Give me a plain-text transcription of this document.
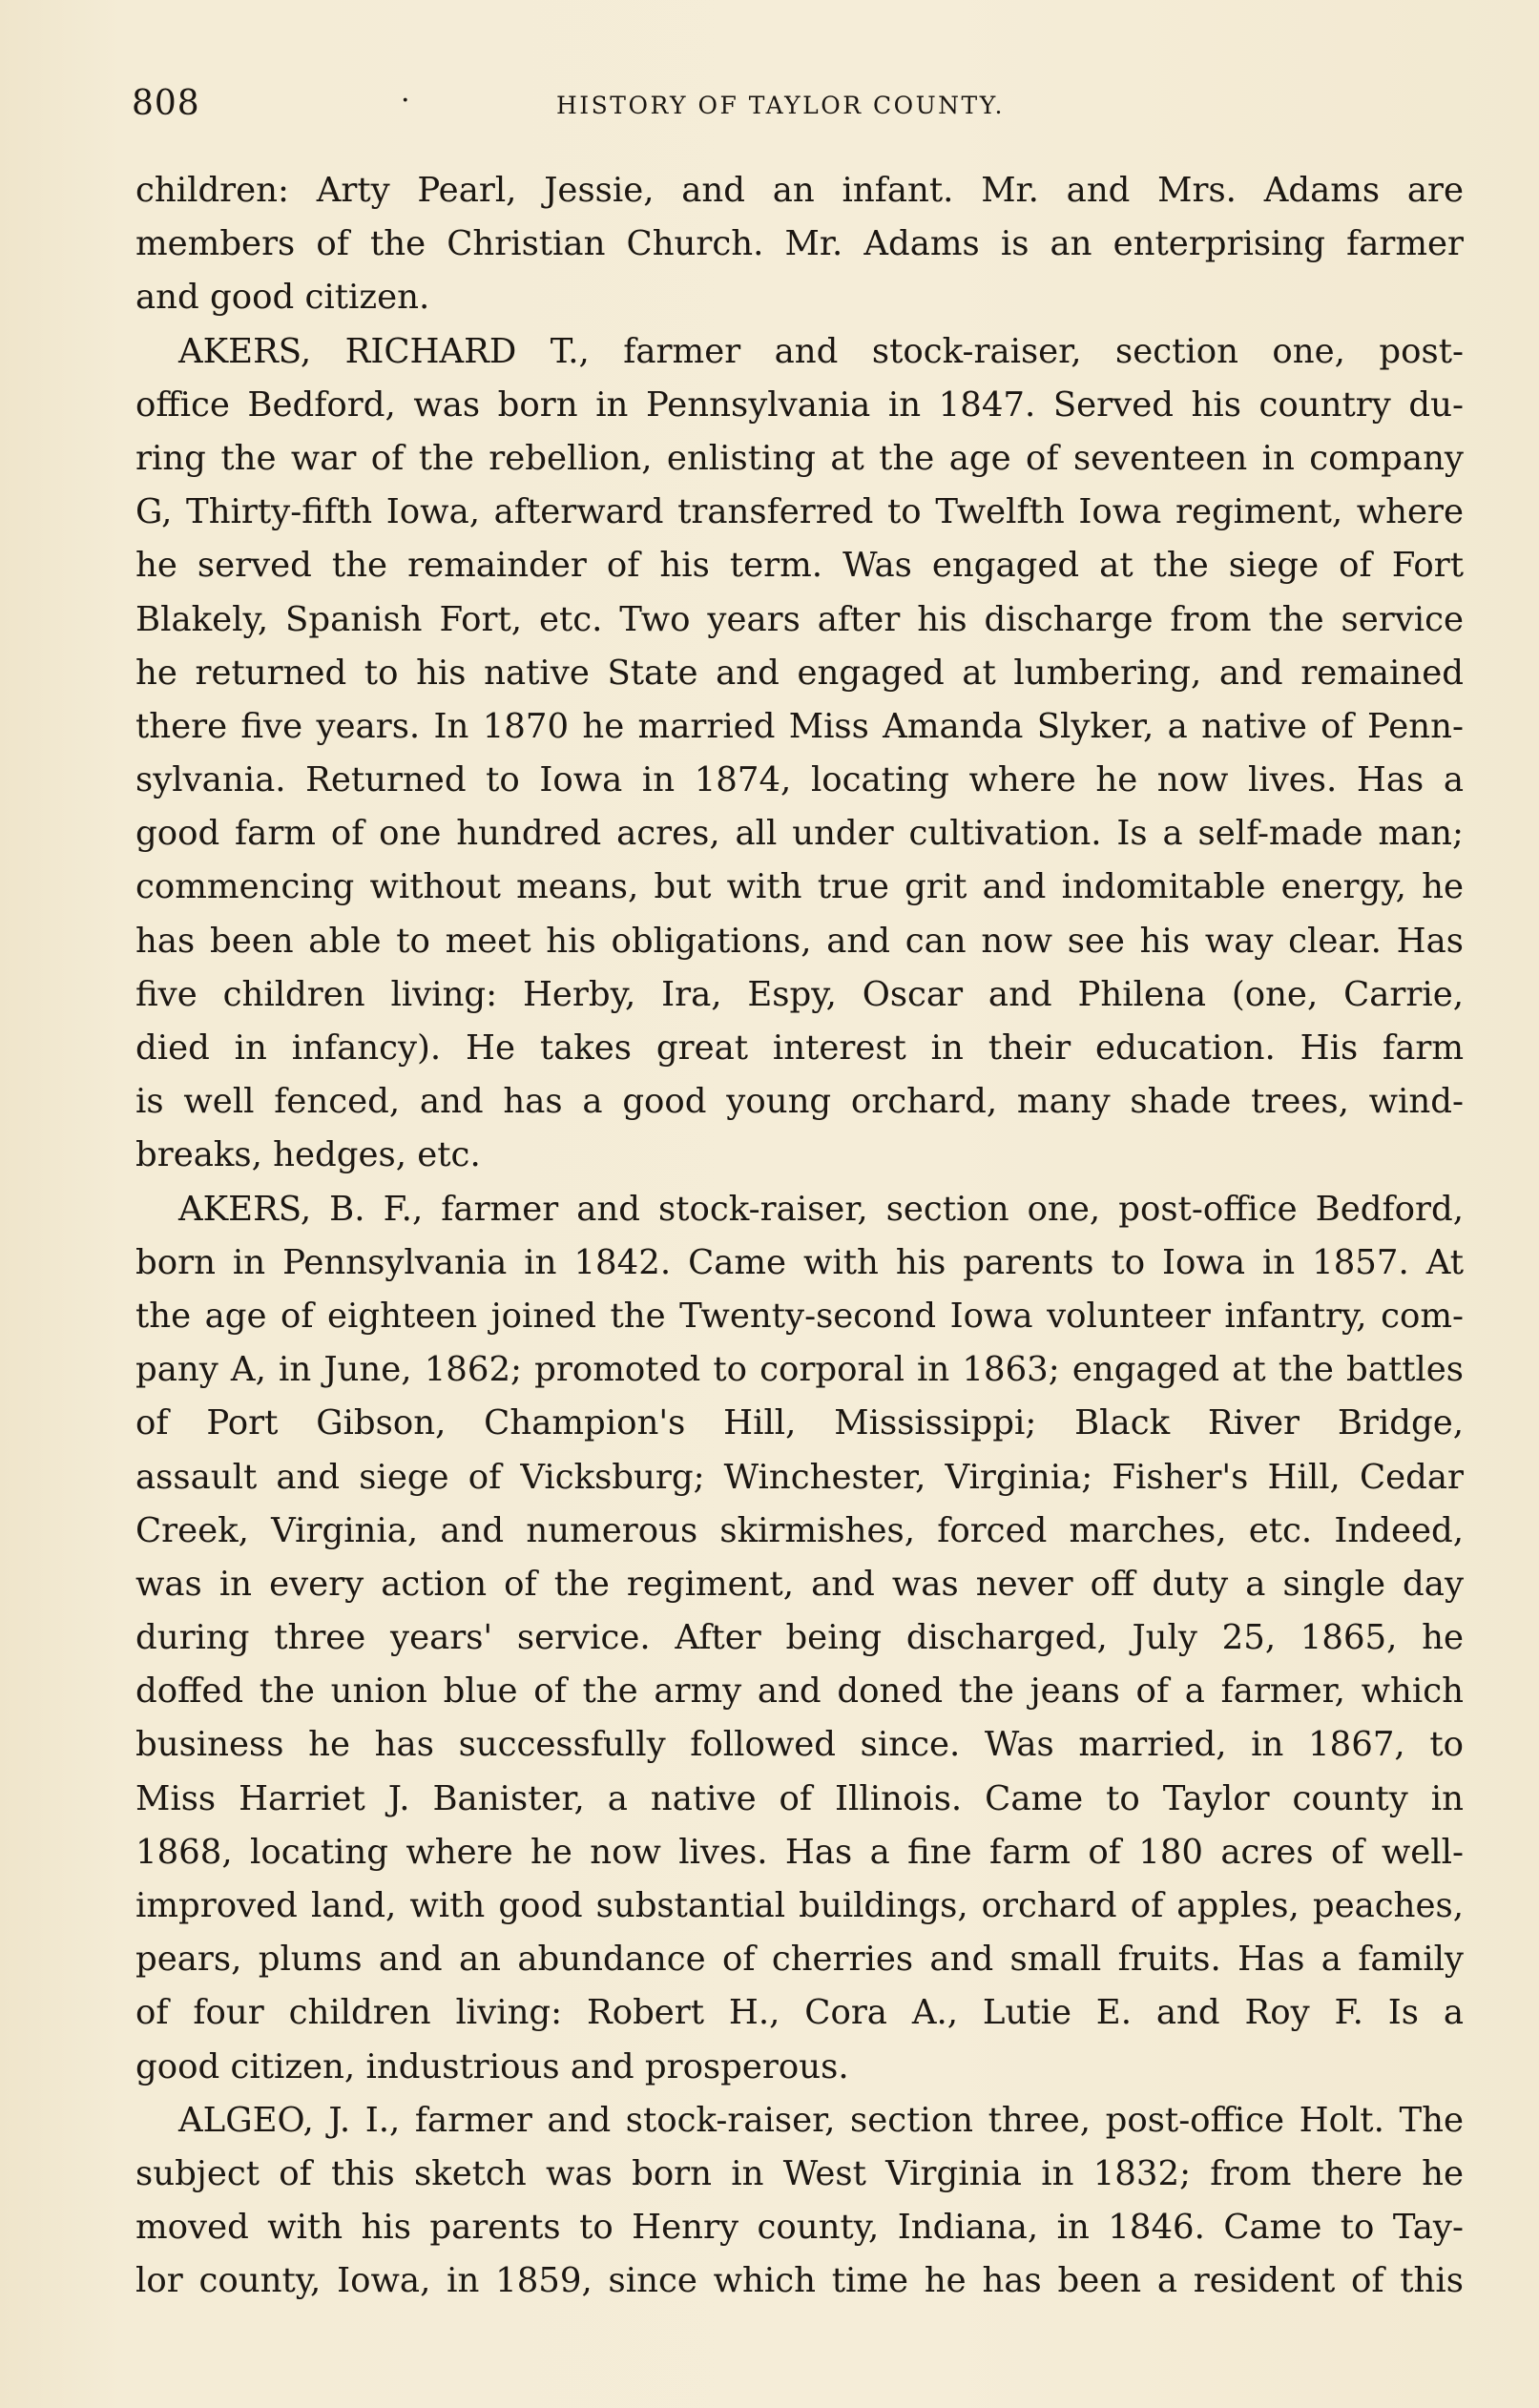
808	·	HISTORY OF TAYLOR COUNTY.
children: Arty Pearl, Jessie, and an infant. Mr. and Mrs. Adams are
members of the Christian Church. Mr. Adams is an enterprising farmer
and good citizen.
AKERS, RICHARD T., farmer and stock-raiser, section one, post-
office Bedford, was born in Pennsylvania in 1847. Served his country du-
ring the war of the rebellion, enlisting at the age of seventeen in company
G, Thirty-fifth Iowa, afterward transferred to Twelfth Iowa regiment, where
he served the remainder of his term. Was engaged at the siege of Fort
Blakely, Spanish Fort, etc. Two years after his discharge from the service
he returned to his native State and engaged at lumbering, and remained
there five years. In 1870 he married Miss Amanda Slyker, a native of Penn-
sylvania. Returned to Iowa in 1874, locating where he now lives. Has a
good farm of one hundred acres, all under cultivation. Is a self-made man;
commencing without means, but with true grit and indomitable energy, he
has been able to meet his obligations, and can now see his way clear. Has
five children living: Herby, Ira, Espy, Oscar and Philena (one, Carrie,
died in infancy). He takes great interest in their education. His farm
is well fenced, and has a good young orchard, many shade trees, wind-
breaks, hedges, etc.
AKERS, B. F., farmer and stock-raiser, section one, post-office Bedford,
born in Pennsylvania in 1842. Came with his parents to Iowa in 1857. At
the age of eighteen joined the Twenty-second Iowa volunteer infantry, com-
pany A, in June, 1862; promoted to corporal in 1863; engaged at the battles
of Port Gibson, Champion's Hill, Mississippi; Black River Bridge,
assault and siege of Vicksburg; Winchester, Virginia; Fisher's Hill, Cedar
Creek, Virginia, and numerous skirmishes, forced marches, etc. Indeed,
was in every action of the regiment, and was never off duty a single day
during three years' service. After being discharged, July 25, 1865, he
doffed the union blue of the army and doned the jeans of a farmer, which
business he has successfully followed since. Was married, in 1867, to
Miss Harriet J. Banister, a native of Illinois. Came to Taylor county in
1868, locating where he now lives. Has a fine farm of 180 acres of well-
improved land, with good substantial buildings, orchard of apples, peaches,
pears, plums and an abundance of cherries and small fruits. Has a family
of four children living: Robert H., Cora A., Lutie E. and Roy F. Is a
good citizen, industrious and prosperous.
ALGEO, J. I., farmer and stock-raiser, section three, post-office Holt. The
subject of this sketch was born in West Virginia in 1832; from there he
moved with his parents to Henry county, Indiana, in 1846. Came to Tay-
lor county, Iowa, in 1859, since which time he has been a resident of this
